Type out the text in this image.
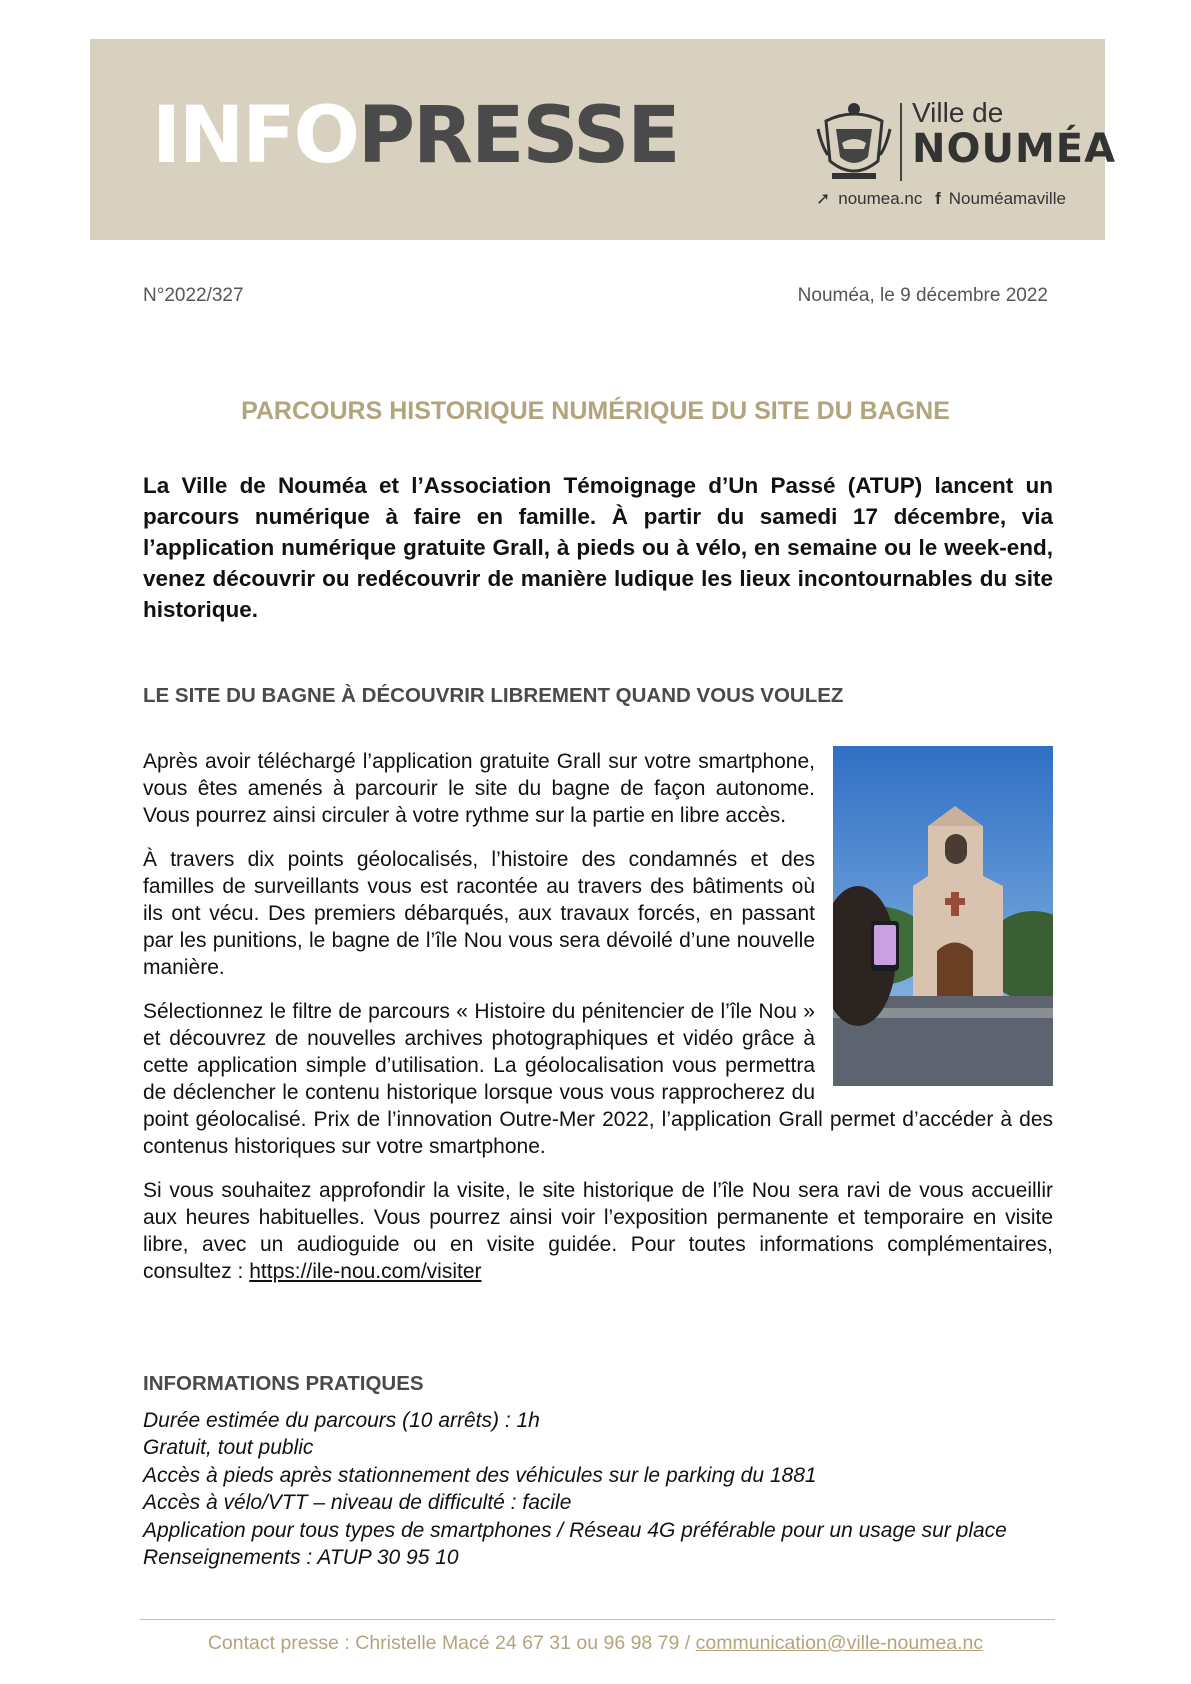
INFOPRESSE	Ville de
NOUMÉA
➚ noumea.nc f Nouméamaville
N°2022/327	Nouméa, le 9 décembre 2022
PARCOURS HISTORIQUE NUMÉRIQUE DU SITE DU BAGNE
La Ville de Nouméa et l’Association Témoignage d’Un Passé (ATUP) lancent un parcours numérique à faire en famille. À partir du samedi 17 décembre, via l’application numérique gratuite Grall, à pieds ou à vélo, en semaine ou le week-end, venez découvrir ou redécouvrir de manière ludique les lieux incontournables du site historique.
LE SITE DU BAGNE À DÉCOUVRIR LIBREMENT QUAND VOUS VOULEZ

Après avoir téléchargé l’application gratuite Grall sur votre smartphone, vous êtes amenés à parcourir le site du bagne de façon autonome. Vous pourrez ainsi circuler à votre rythme sur la partie en libre accès.

À travers dix points géolocalisés, l’histoire des condamnés et des familles de surveillants vous est racontée au travers des bâtiments où ils ont vécu. Des premiers débarqués, aux travaux forcés, en passant par les punitions, le bagne de l’île Nou vous sera dévoilé d’une nouvelle manière.

Sélectionnez le filtre de parcours « Histoire du pénitencier de l’île Nou » et découvrez de nouvelles archives photographiques et vidéo grâce à cette application simple d’utilisation. La géolocalisation vous permettra de déclencher le contenu historique lorsque vous vous rapprocherez du point géolocalisé. Prix de l’innovation Outre-Mer 2022, l’application Grall permet d’accéder à des contenus historiques sur votre smartphone.

Si vous souhaitez approfondir la visite, le site historique de l’île Nou sera ravi de vous accueillir aux heures habituelles. Vous pourrez ainsi voir l’exposition permanente et temporaire en visite libre, avec un audioguide ou en visite guidée. Pour toutes informations complémentaires, consultez : https://ile-nou.com/visiter

INFORMATIONS PRATIQUES
Durée estimée du parcours (10 arrêts) : 1h
Gratuit, tout public
Accès à pieds après stationnement des véhicules sur le parking du 1881
Accès à vélo/VTT – niveau de difficulté : facile
Application pour tous types de smartphones / Réseau 4G préférable pour un usage sur place
Renseignements : ATUP 30 95 10
Contact presse : Christelle Macé 24 67 31 ou 96 98 79 / communication@ville-noumea.nc
